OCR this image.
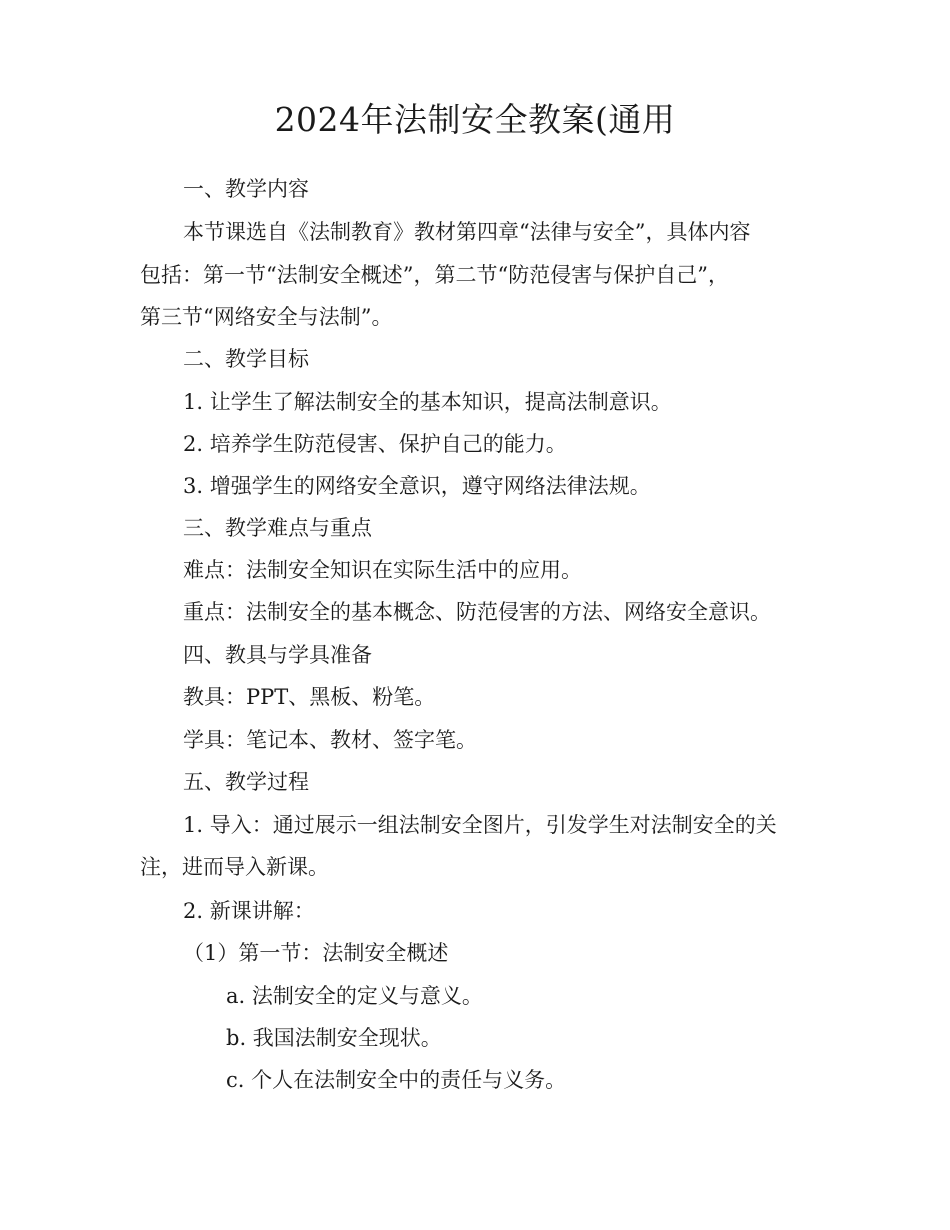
2024年法制安全教案(通用

一、教学内容

本节课选自《法制教育》教材第四章“法律与安全”，具体内容

包括：第一节“法制安全概述”，第二节“防范侵害与保护自己”，

第三节“网络安全与法制”。

二、教学目标

1. 让学生了解法制安全的基本知识，提高法制意识。

2. 培养学生防范侵害、保护自己的能力。

3. 增强学生的网络安全意识，遵守网络法律法规。

三、教学难点与重点

难点：法制安全知识在实际生活中的应用。

重点：法制安全的基本概念、防范侵害的方法、网络安全意识。

四、教具与学具准备

教具：PPT、黑板、粉笔。

学具：笔记本、教材、签字笔。

五、教学过程

1. 导入：通过展示一组法制安全图片，引发学生对法制安全的关

注，进而导入新课。

2. 新课讲解：

（1）第一节：法制安全概述

a. 法制安全的定义与意义。

b. 我国法制安全现状。

c. 个人在法制安全中的责任与义务。
